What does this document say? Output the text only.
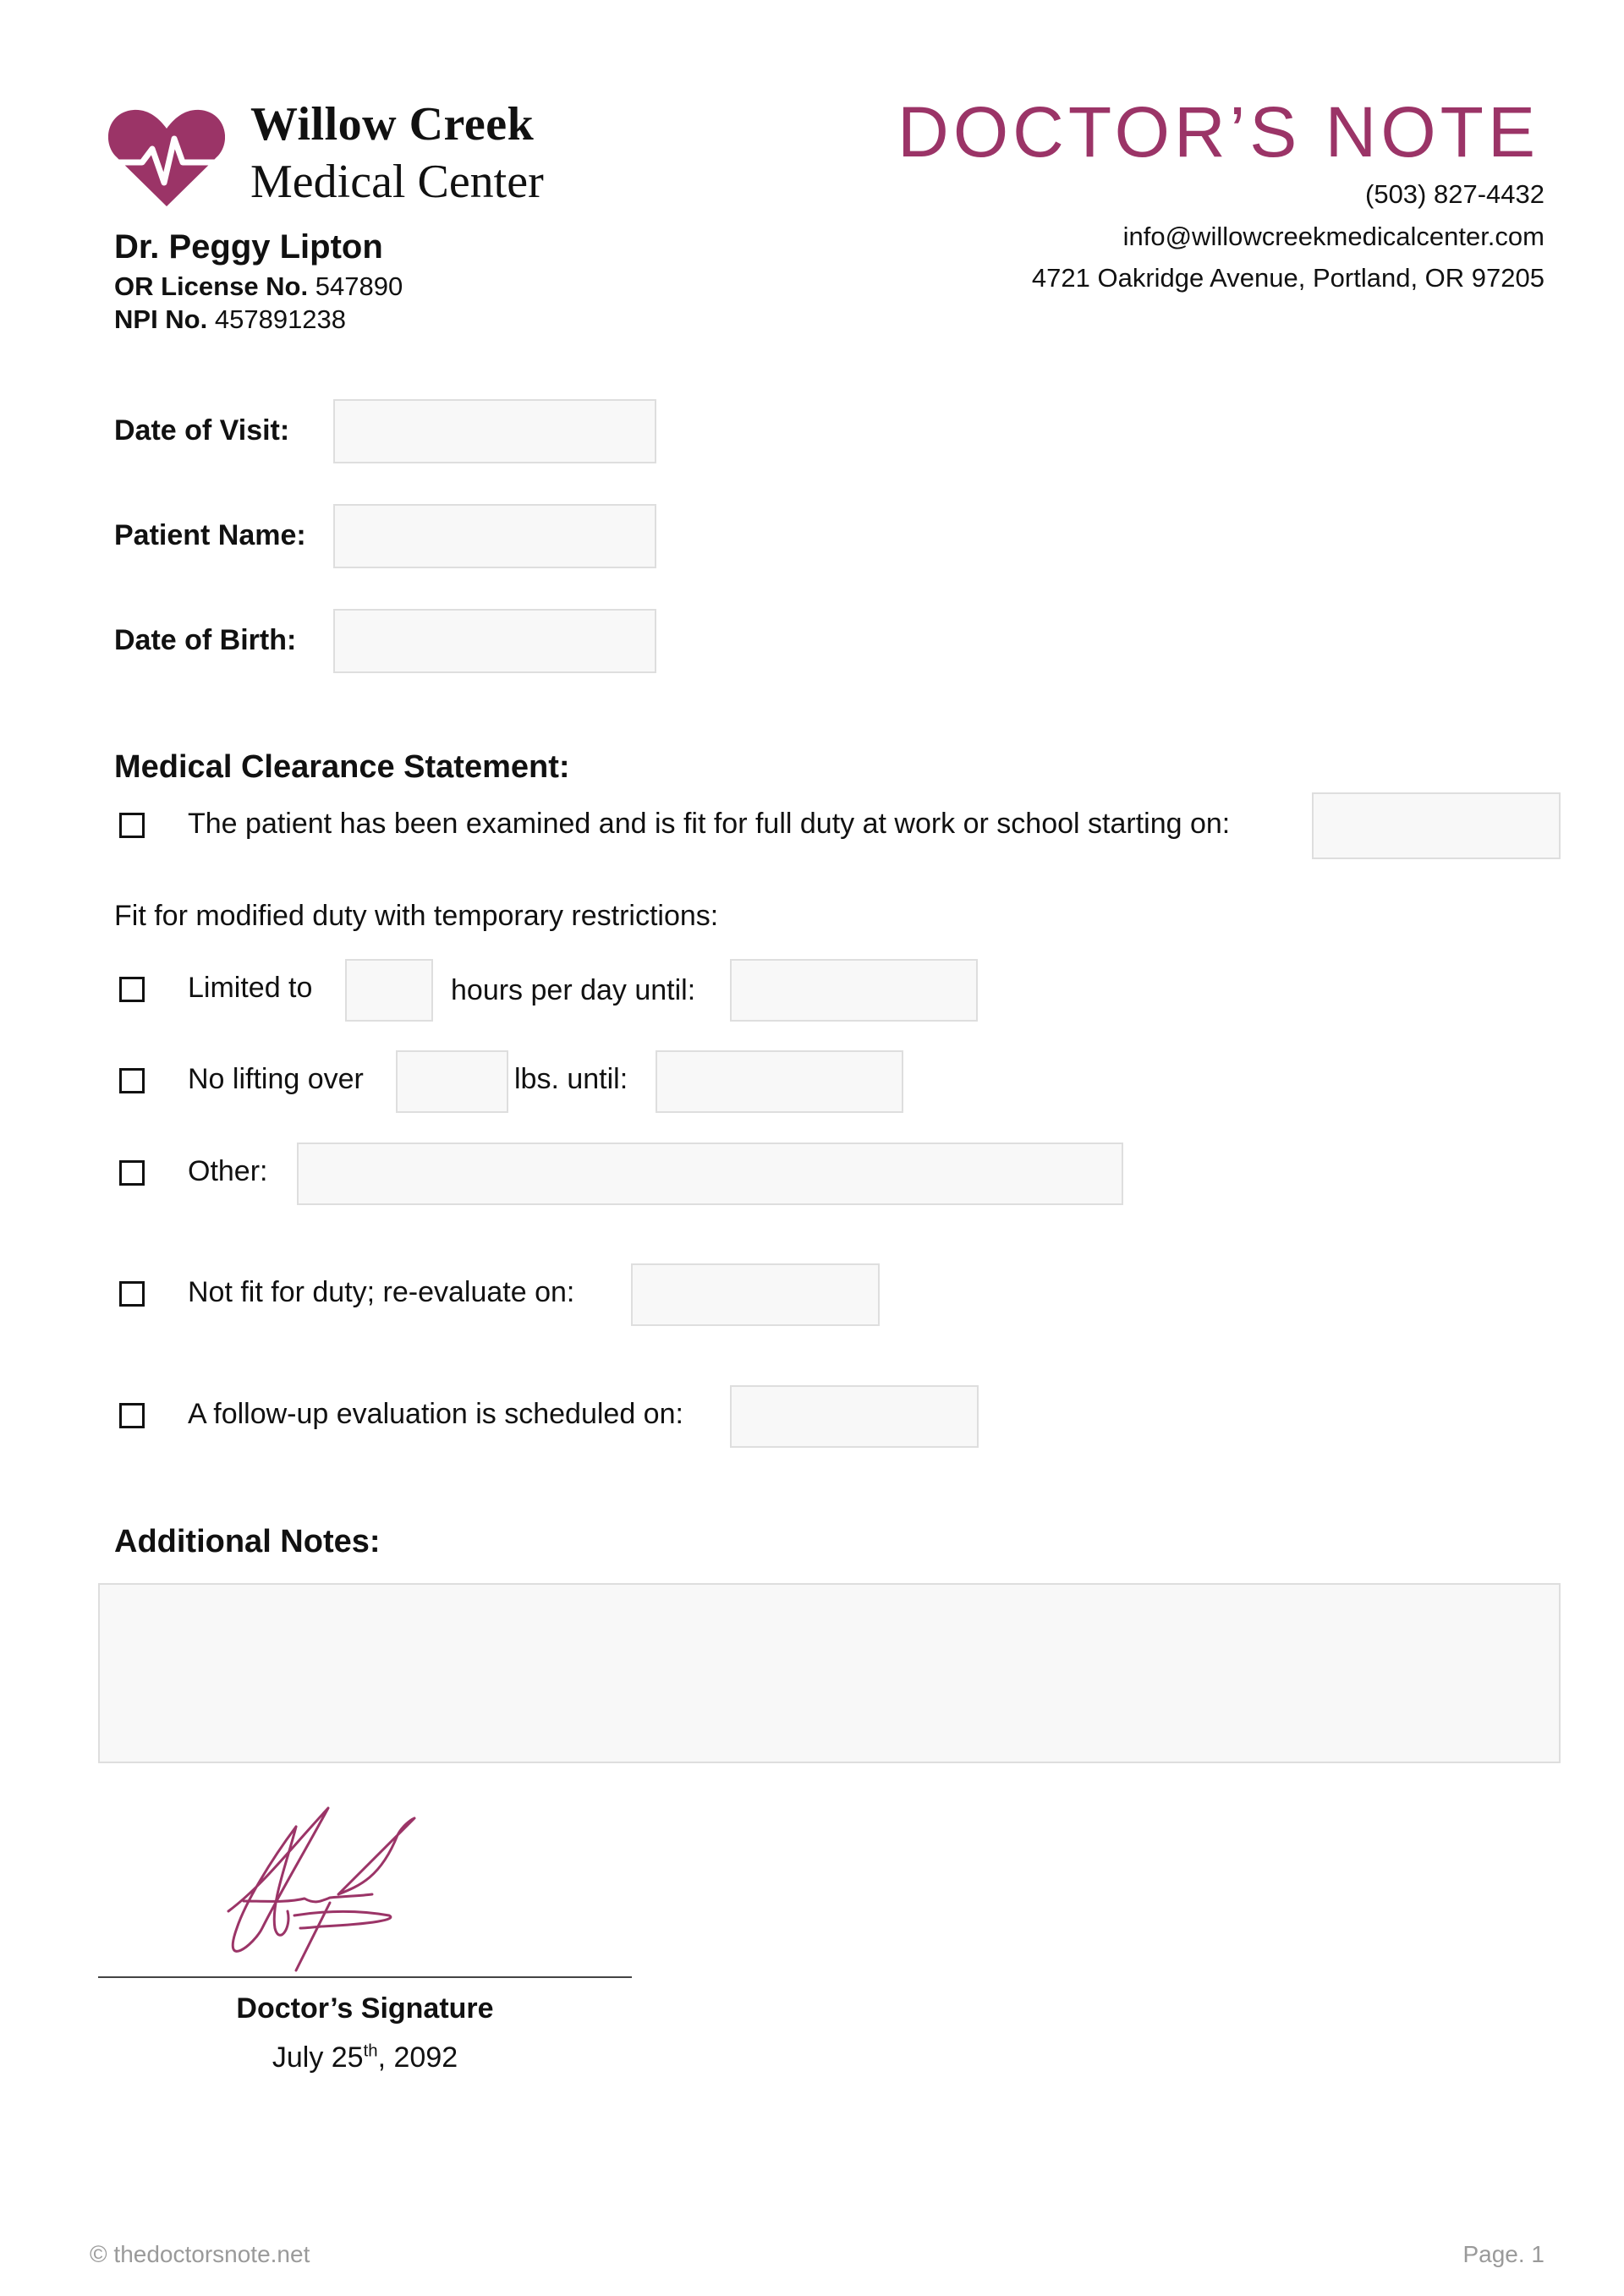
Willow Creek
Medical Center
Dr. Peggy Lipton
OR License No. 547890
NPI No. 457891238
DOCTOR’S NOTE
(503) 827-4432
info@willowcreekmedicalcenter.com
4721 Oakridge Avenue, Portland, OR 97205
Date of Visit:
Patient Name:
Date of Birth:
Medical Clearance Statement:
The patient has been examined and is fit for full duty at work or school starting on:
Fit for modified duty with temporary restrictions:
Limited to	hours per day until:
No lifting over	lbs. until:
Other:
Not fit for duty; re-evaluate on:
A follow-up evaluation is scheduled on:
Additional Notes:
Doctor’s Signature
July 25th, 2092
© thedoctorsnote.net	Page. 1
